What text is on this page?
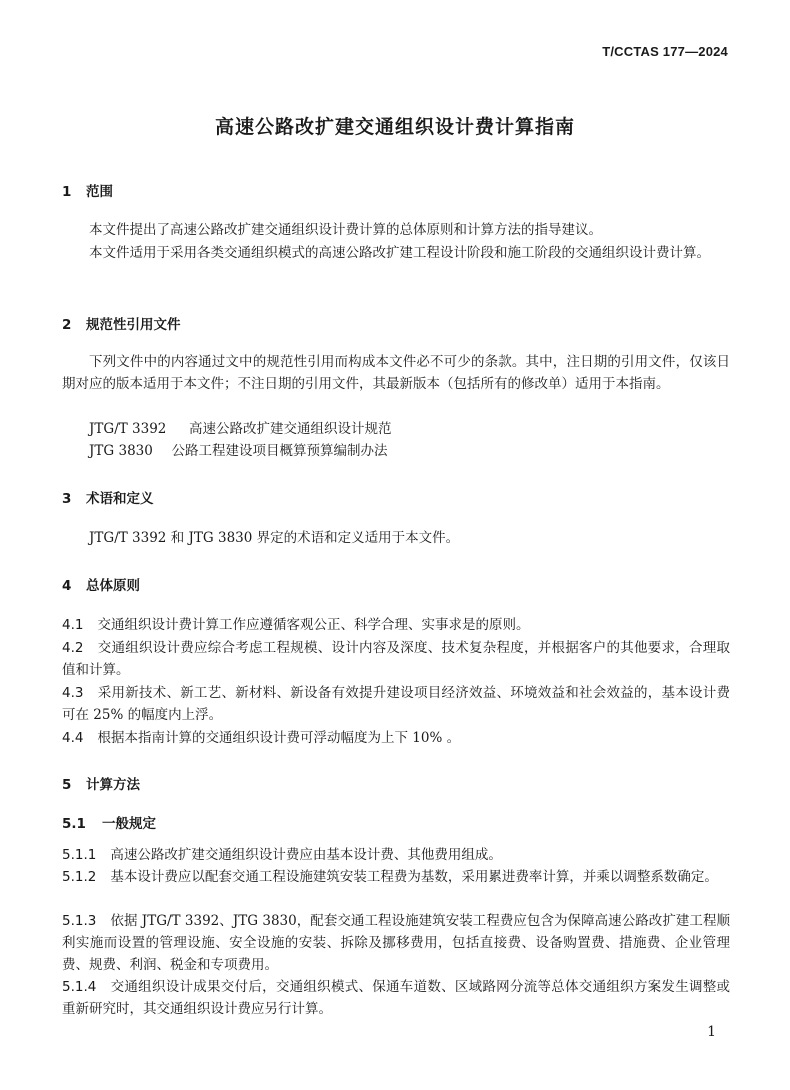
T/CCTAS 177—2024
高速公路改扩建交通组织设计费计算指南
1 范围
本文件提出了高速公路改扩建交通组织设计费计算的总体原则和计算方法的指导建议。
本文件适用于采用各类交通组织模式的高速公路改扩建工程设计阶段和施工阶段的交通组织设计费计算。
2 规范性引用文件
下列文件中的内容通过文中的规范性引用而构成本文件必不可少的条款。其中，注日期的引用文件，仅该日期对应的版本适用于本文件；不注日期的引用文件，其最新版本（包括所有的修改单）适用于本指南。
JTG/T 3392 高速公路改扩建交通组织设计规范
JTG 3830 公路工程建设项目概算预算编制办法
3 术语和定义
JTG/T 3392 和 JTG 3830 界定的术语和定义适用于本文件。
4 总体原则
4.1 交通组织设计费计算工作应遵循客观公正、科学合理、实事求是的原则。
4.2 交通组织设计费应综合考虑工程规模、设计内容及深度、技术复杂程度，并根据客户的其他要求，合理取值和计算。
4.3 采用新技术、新工艺、新材料、新设备有效提升建设项目经济效益、环境效益和社会效益的，基本设计费可在 25% 的幅度内上浮。
4.4 根据本指南计算的交通组织设计费可浮动幅度为上下 10% 。
5 计算方法
5.1 一般规定
5.1.1 高速公路改扩建交通组织设计费应由基本设计费、其他费用组成。
5.1.2 基本设计费应以配套交通工程设施建筑安装工程费为基数，采用累进费率计算，并乘以调整系数确定。
5.1.3 依据 JTG/T 3392、JTG 3830，配套交通工程设施建筑安装工程费应包含为保障高速公路改扩建工程顺利实施而设置的管理设施、安全设施的安装、拆除及挪移费用，包括直接费、设备购置费、措施费、企业管理费、规费、利润、税金和专项费用。
5.1.4 交通组织设计成果交付后，交通组织模式、保通车道数、区域路网分流等总体交通组织方案发生调整或重新研究时，其交通组织设计费应另行计算。
1
